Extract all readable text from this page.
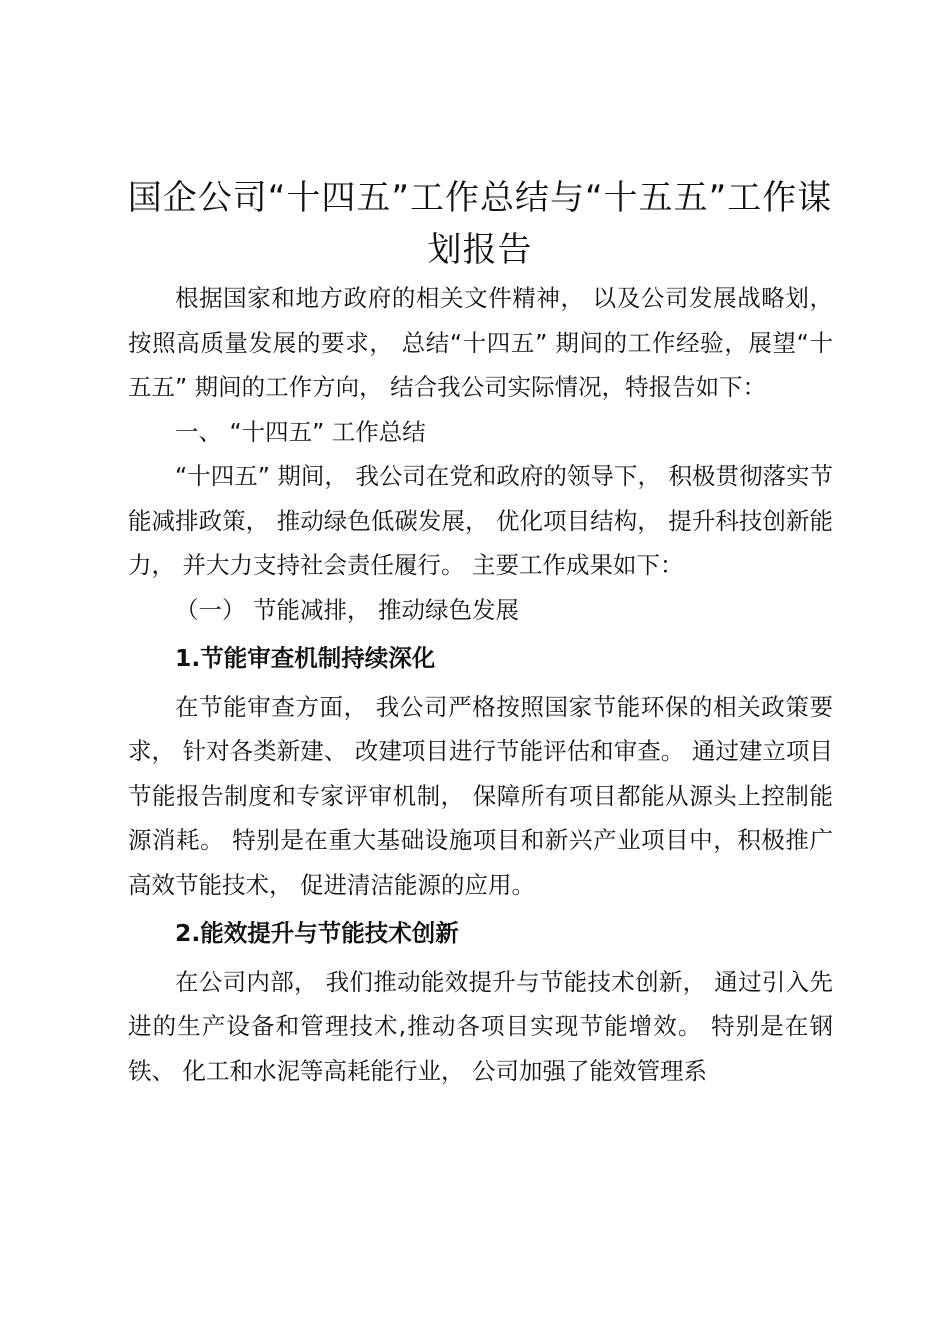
国企公司“十四五”工作总结与“十五五”工作谋划报告

根据国家和地方政府的相关文件精神， 以及公司发展战略划， 按照高质量发展的要求， 总结“十四五” 期间的工作经验，展望“十五五” 期间的工作方向， 结合我公司实际情况，特报告如下：

一、 “十四五” 工作总结

“十四五” 期间， 我公司在党和政府的领导下， 积极贯彻落实节能减排政策， 推动绿色低碳发展， 优化项目结构， 提升科技创新能力， 并大力支持社会责任履行。 主要工作成果如下：

（一） 节能减排， 推动绿色发展

1.节能审查机制持续深化

在节能审查方面， 我公司严格按照国家节能环保的相关政策要求， 针对各类新建、 改建项目进行节能评估和审查。 通过建立项目节能报告制度和专家评审机制， 保障所有项目都能从源头上控制能源消耗。 特别是在重大基础设施项目和新兴产业项目中，积极推广高效节能技术， 促进清洁能源的应用。

2.能效提升与节能技术创新

在公司内部， 我们推动能效提升与节能技术创新， 通过引入先进的生产设备和管理技术,推动各项目实现节能增效。 特别是在钢铁、 化工和水泥等高耗能行业， 公司加强了能效管理系
